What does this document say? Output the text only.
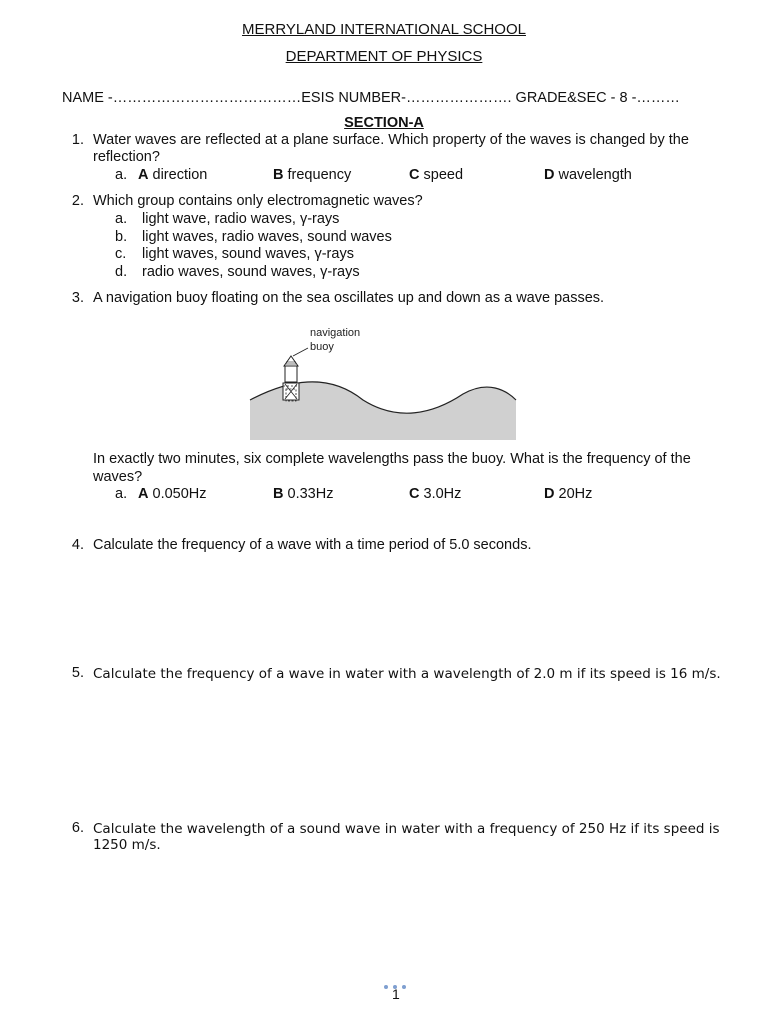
MERRYLAND INTERNATIONAL SCHOOL
DEPARTMENT OF PHYSICS
NAME -…………………………………ESIS NUMBER-…………………. GRADE&SEC - 8 -………
SECTION-A
1. Water waves are reflected at a plane surface. Which property of the waves is changed by the
reflection?
a. A direction	B frequency	C speed	D wavelength
2. Which group contains only electromagnetic waves?
a. light wave, radio waves, γ-rays
b. light waves, radio waves, sound waves
c. light waves, sound waves, γ-rays
d. radio waves, sound waves, γ-rays
3. A navigation buoy floating on the sea oscillates up and down as a wave passes.
navigation
buoy
In exactly two minutes, six complete wavelengths pass the buoy. What is the frequency of the
waves?
a. A 0.050Hz	B 0.33Hz	C 3.0Hz	D 20Hz
4. Calculate the frequency of a wave with a time period of 5.0 seconds.
5. Calculate the frequency of a wave in water with a wavelength of 2.0 m if its speed is 16 m/s.
6. Calculate the wavelength of a sound wave in water with a frequency of 250 Hz if its speed is
1250 m/s.
1
